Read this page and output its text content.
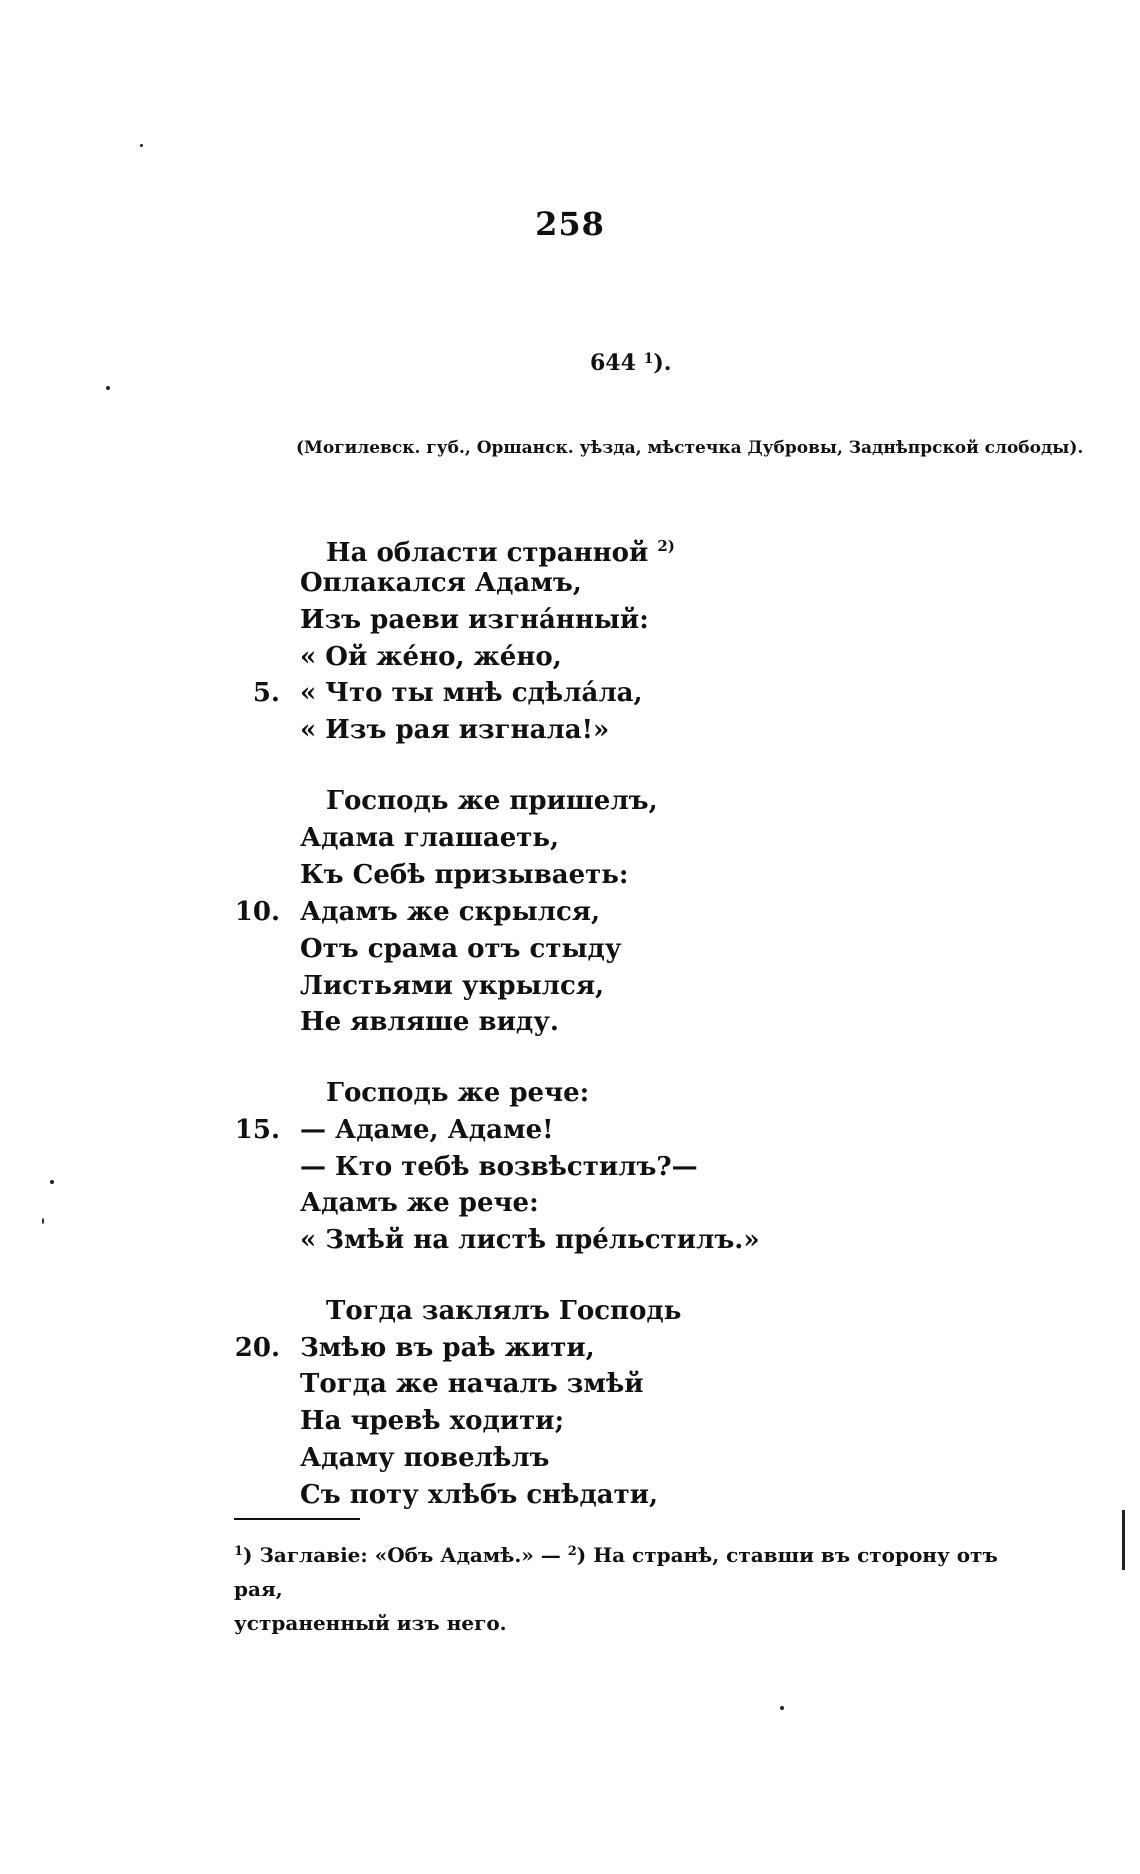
258
644 $^1$).
(Могилевск. губ., Оршанск. уѣзда, мѣстечка Дубровы, Заднѣпрской слободы).
На области странной $^{2)}$
Оплакался Адамъ,
Изъ раеви изгна́нный:
« Ой же́но, же́но,
5. « Что ты мнѣ сдѣла́ла,
« Изъ рая изгнала!»
Господь же пришелъ,
Адама глашаеть,
Къ Себѣ призываеть:
10. Адамъ же скрылся,
Отъ срама отъ стыду
Листьями укрылся,
Не являше виду.
Господь же рече:
15. — Адаме, Адаме!
— Кто тебѣ возвѣстилъ?—
Адамъ же рече:
« Змѣй на листѣ пре́льстилъ.»
Тогда заклялъ Господь
20. Змѣю въ раѣ жити,
Тогда же началъ змѣй
На чревѣ ходити;
Адаму повелѣлъ
Съ поту хлѣбъ снѣдати,
$^1$) Заглавіе: «Объ Адамѣ.» — $^2$) На странѣ, ставши въ сторону отъ рая,
устраненный изъ него.
